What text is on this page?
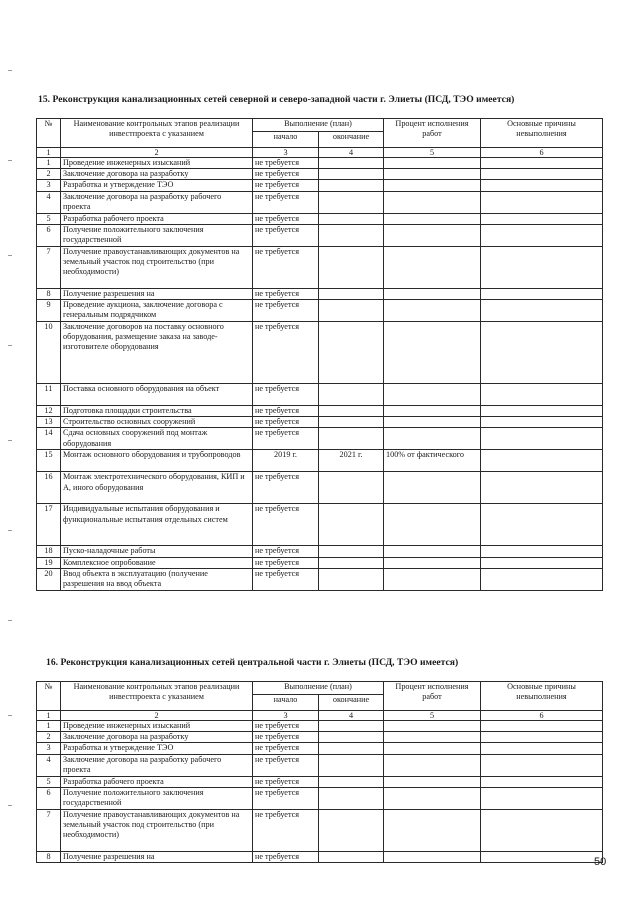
15. Реконструкция канализационных сетей северной и северо-западной части г. Элиеты (ПСД, ТЭО имеется)
№	Наименование контрольных этапов реализации инвестпроекта с указанием	Выполнение (план)		Процент исполнения работ	Основные причины невыполнения
		начало	окончание		
1	2	3	4	5	6
1	Проведение инженерных изысканий	не требуется			
2	Заключение договора на разработку	не требуется			
3	Разработка и утверждение ТЭО	не требуется			
4	Заключение договора на разработку рабочего проекта	не требуется			
5	Разработка рабочего проекта	не требуется			
6	Получение положительного заключения государственной	не требуется			
7	Получение правоустанавливающих документов на земельный участок под строительство (при необходимости)	не требуется			
8	Получение разрешения на	не требуется			
9	Проведение аукциона, заключение договора с генеральным подрядчиком	не требуется			
10	Заключение договоров на поставку основного оборудования, размещение заказа на заводе-изготовителе оборудования	не требуется			
11	Поставка основного оборудования на объект	не требуется			
12	Подготовка площадки строительства	не требуется			
13	Строительство основных сооружений	не требуется			
14	Сдача основных сооружений под монтаж оборудования	не требуется			
15	Монтаж основного оборудования и трубопроводов	2019 г.	2021 г.	100% от фактического	
16	Монтаж электротехнического оборудования, КИП и А, иного оборудования	не требуется			
17	Индивидуальные испытания оборудования и функциональные испытания отдельных систем	не требуется			
18	Пуско-наладочные работы	не требуется			
19	Комплексное опробование	не требуется			
20	Ввод объекта в эксплуатацию (получение разрешения на ввод объекта	не требуется			
16. Реконструкция канализационных сетей центральной части г. Элиеты (ПСД, ТЭО имеется)
№	Наименование контрольных этапов реализации инвестпроекта с указанием	Выполнение (план)		Процент исполнения работ	Основные причины невыполнения
		начало	окончание		
1	2	3	4	5	6
1	Проведение инженерных изысканий	не требуется			
2	Заключение договора на разработку	не требуется			
3	Разработка и утверждение ТЭО	не требуется			
4	Заключение договора на разработку рабочего проекта	не требуется			
5	Разработка рабочего проекта	не требуется			
6	Получение положительного заключения государственной	не требуется			
7	Получение правоустанавливающих документов на земельный участок под строительство (при необходимости)	не требуется			
8	Получение разрешения на	не требуется				50
